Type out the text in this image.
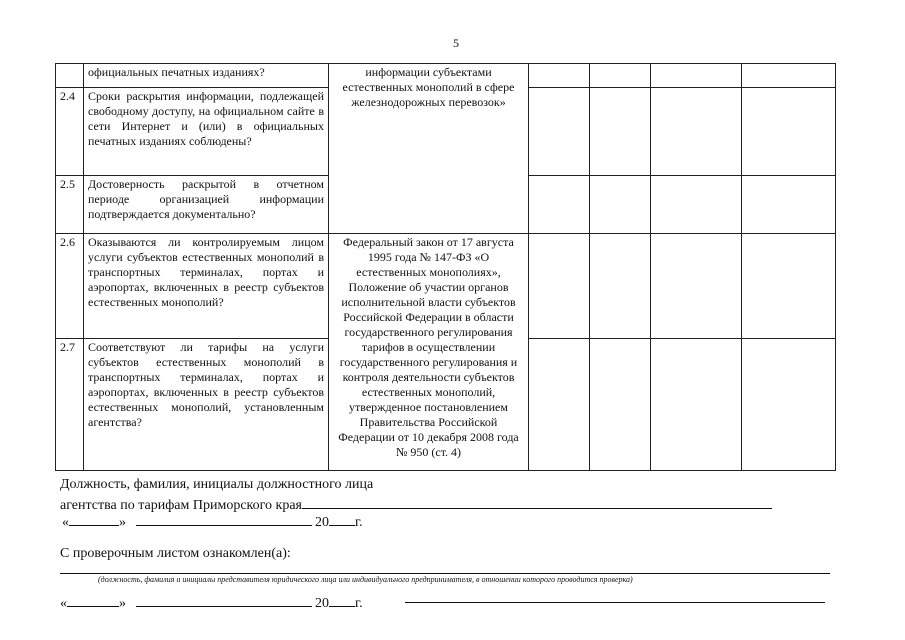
5
	официальных печатных изданиях?	информации субъектами естественных монополий в сфере железнодорожных перевозок»				
2.4	Сроки раскрытия информации, подлежащей свободному доступу, на официальном сайте в сети Интернет и (или) в официальных печатных изданиях соблюдены?					
2.5	Достоверность раскрытой в отчетном периоде организацией информации подтверждается документально?					
2.6	Оказываются ли контролируемым лицом услуги субъектов естественных монополий в транспортных терминалах, портах и аэропортах, включенных в реестр субъектов естественных монополий?	Федеральный закон от 17 августа 1995 года № 147-ФЗ «О естественных монополиях», Положение об участии органов исполнительной власти субъектов Российской Федерации в области государственного регулирования тарифов в осуществлении государственного регулирования и контроля деятельности субъектов естественных монополий, утвержденное постановлением Правительства Российской Федерации от 10 декабря 2008 года № 950 (ст. 4)				
2.7	Соответствуют ли тарифы на услуги субъектов естественных монополий в транспортных терминалах, портах и аэропортах, включенных в реестр субъектов естественных монополий, установленным агентства?					
Должность, фамилия, инициалы должностного лица
агентства по тарифам Приморского края
«	»	20 г.
С проверочным листом ознакомлен(а):
(должность, фамилия и инициалы представителя юридического лица или индивидуального предпринимателя, в отношении которого проводится проверка)
«	»	20 г.
